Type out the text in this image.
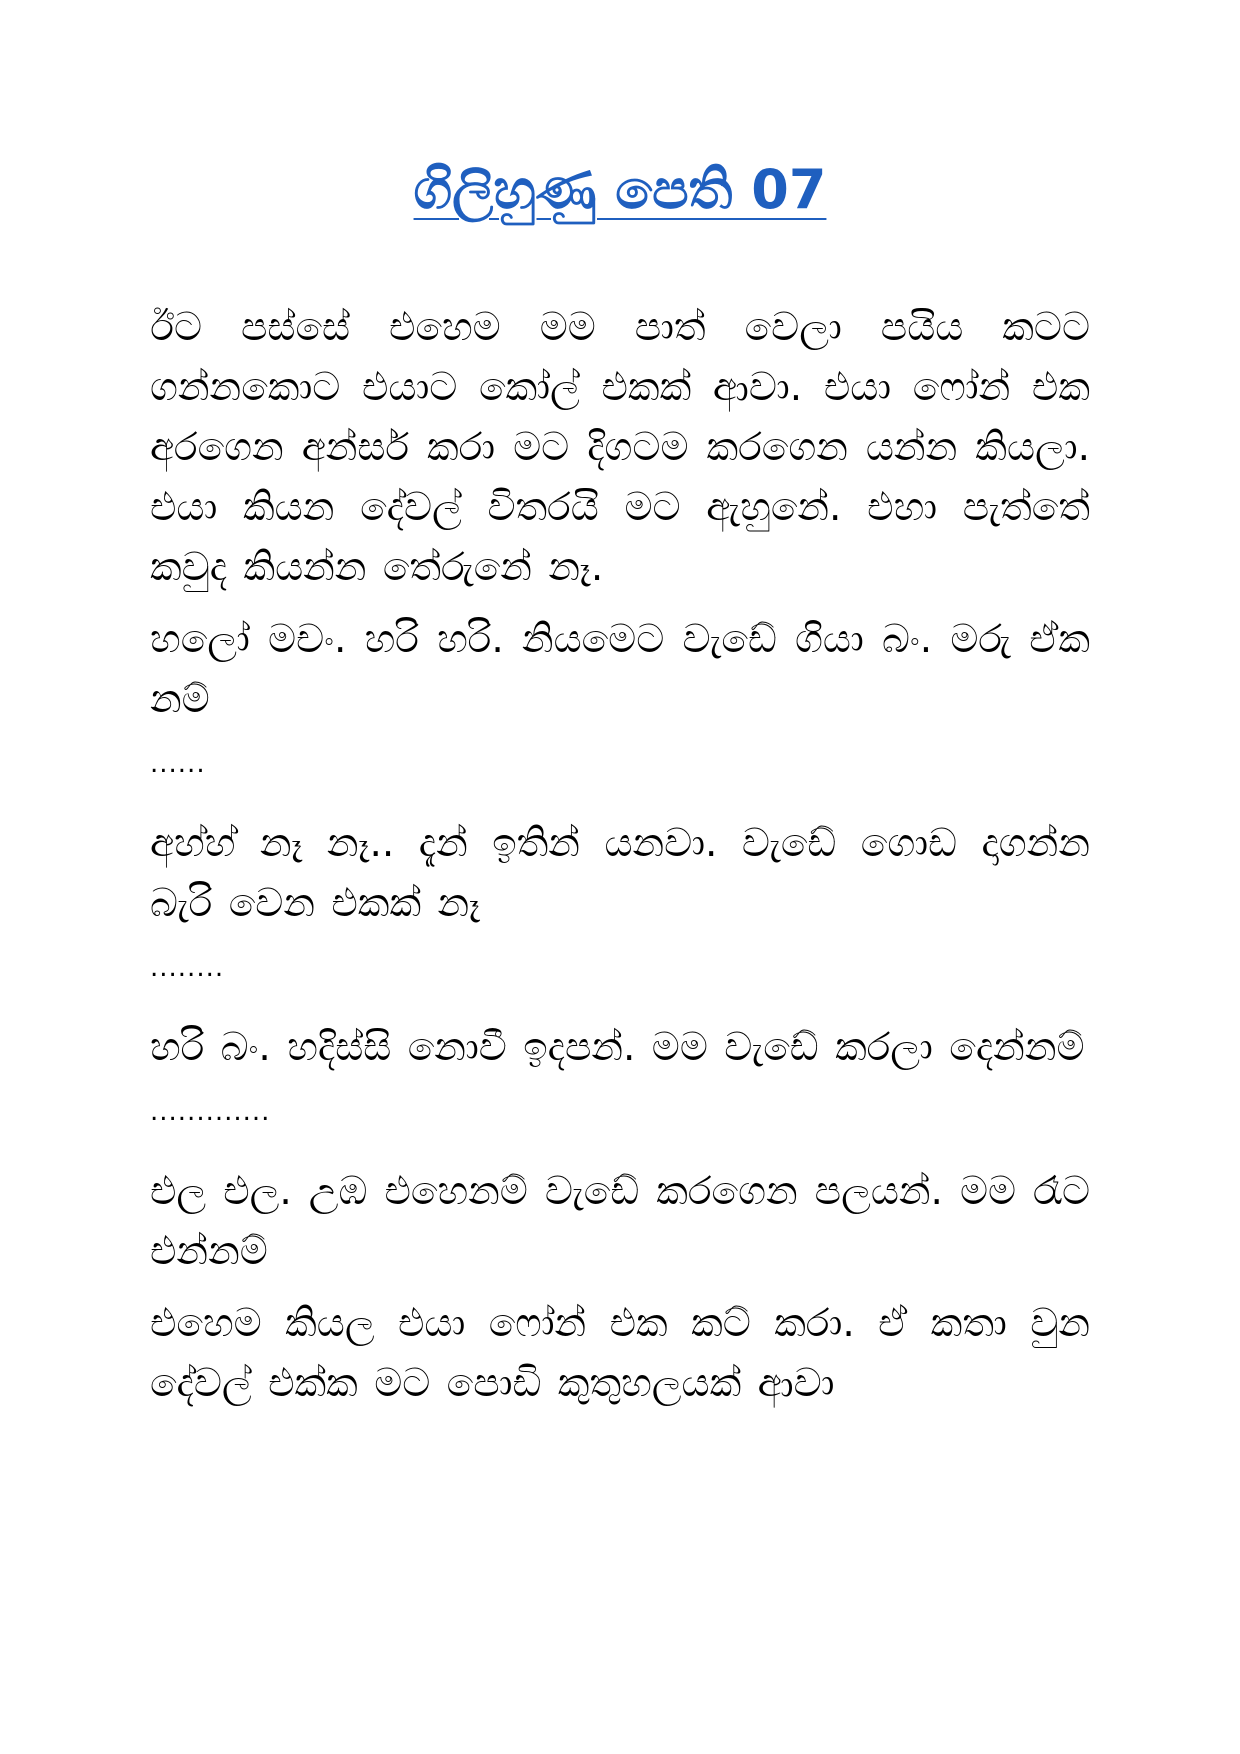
ගිලිහුණු පෙති 07

ඊට පස්සේ එහෙම මම පාත් වෙලා පයිය කටට ගන්නකොට එයාට කෝල් එකක් ආවා. එයා ෆෝන් එක අරගෙන අන්සර් කරා මට දිගටම කරගෙන යන්න කියලා. එයා කියන දේවල් විතරයි මට ඇහුනේ. එහා පැත්තේ කවුද කියන්න තේරුනේ නෑ.

හලෝ මචං. හරි හරි. නියමෙට වැඩේ ගියා බං. මරු ඒක නම්

......

අහ්හ් නෑ නෑ.. දැන් ඉතින් යනවා. වැඩේ ගොඩ දාගන්න බැරි වෙන එකක් නෑ

........

හරි බං. හදිස්සි නොවී ඉදපන්. මම වැඩේ කරලා දෙන්නම්

.............

එල එල. උඹ එහෙනම් වැඩේ කරගෙන පලයන්. මම රෑට එන්නම්

එහෙම කියල එයා ෆෝන් එක කට් කරා. ඒ කතා වුන දේවල් එක්ක මට පොඩි කුතුහලයක් ආවා
